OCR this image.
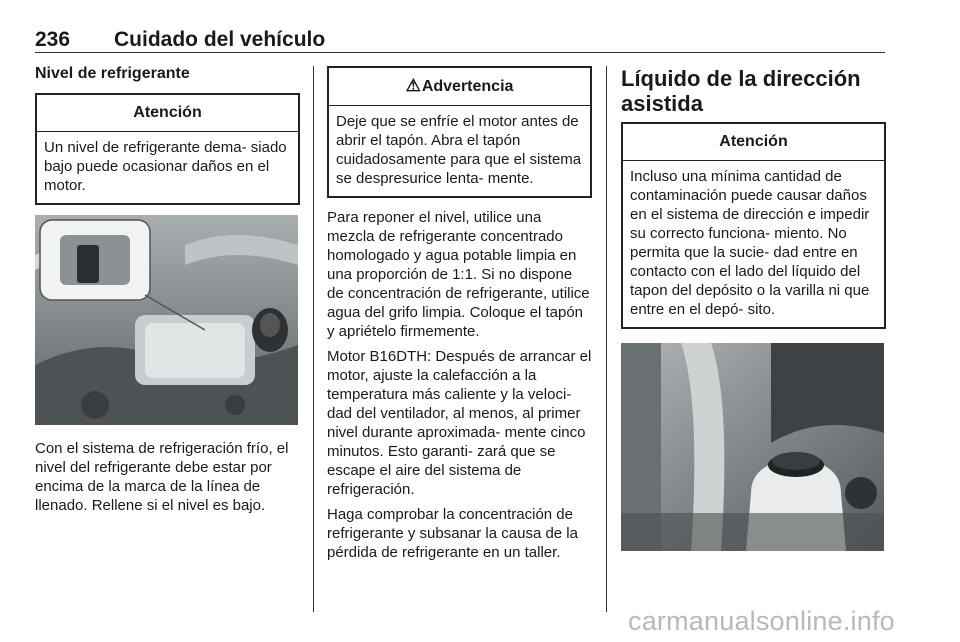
236 Cuidado del vehículo
Nivel de refrigerante
Atención
Un nivel de refrigerante dema- siado bajo puede ocasionar daños en el motor.

Con el sistema de refrigeración frío, el nivel del refrigerante debe estar por encima de la marca de la línea de llenado. Rellene si el nivel es bajo.

⚠Advertencia
Deje que se enfríe el motor antes de abrir el tapón. Abra el tapón cuidadosamente para que el sistema se despresurice lenta- mente.

Para reponer el nivel, utilice una mezcla de refrigerante concentrado homologado y agua potable limpia en una proporción de 1:1. Si no dispone de concentración de refrigerante, utilice agua del grifo limpia. Coloque el tapón y apriételo firmemente.

Motor B16DTH: Después de arrancar el motor, ajuste la calefacción a la temperatura más caliente y la veloci- dad del ventilador, al menos, al primer nivel durante aproximada- mente cinco minutos. Esto garanti- zará que se escape el aire del sistema de refrigeración.

Haga comprobar la concentración de refrigerante y subsanar la causa de la pérdida de refrigerante en un taller.

Líquido de la dirección asistida
Atención
Incluso una mínima cantidad de contaminación puede causar daños en el sistema de dirección e impedir su correcto funciona- miento. No permita que la sucie- dad entre en contacto con el lado del líquido del tapon del depósito o la varilla ni que entre en el depó- sito.
carmanualsonline.info
